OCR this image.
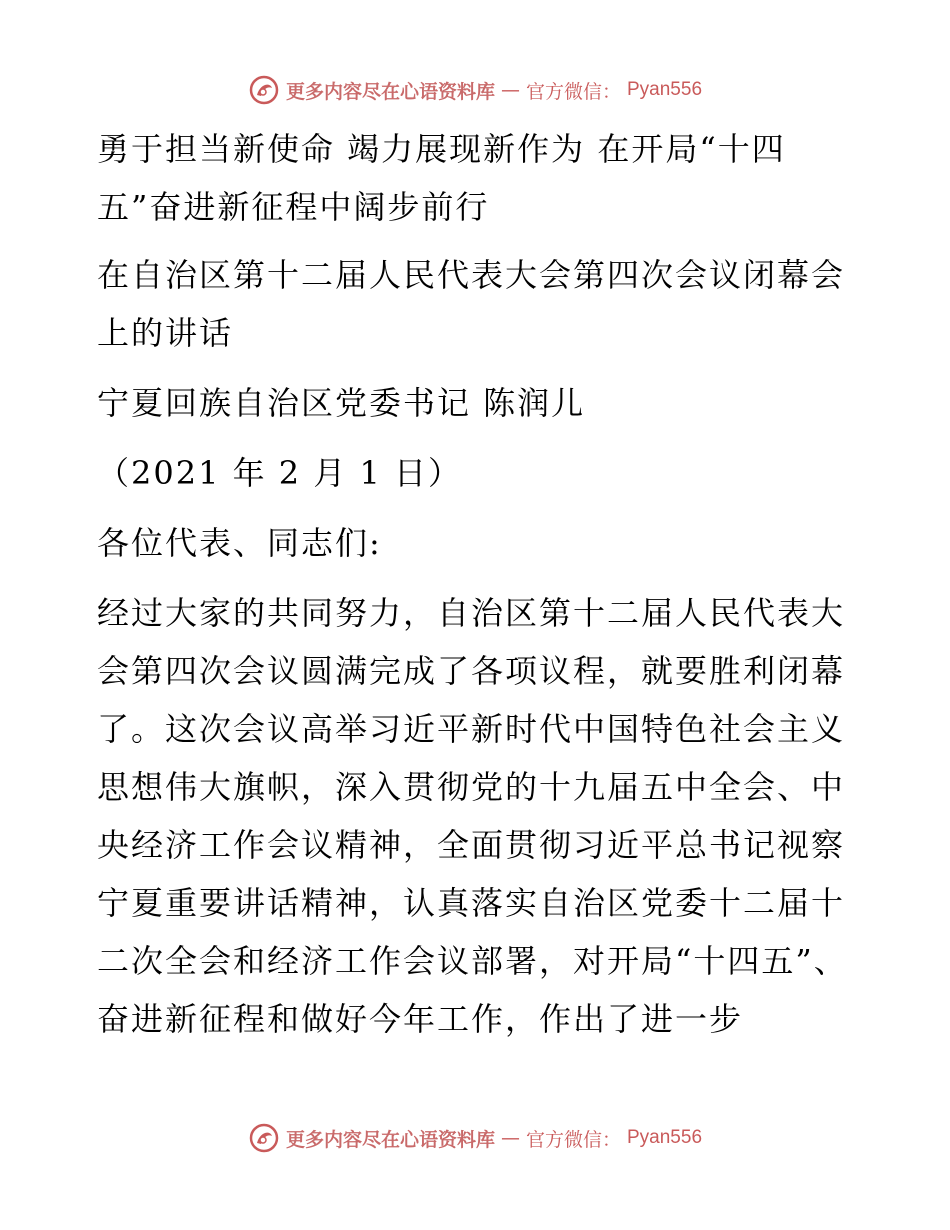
更多内容尽在心语资料库 — 官方微信： Pyan556

勇于担当新使命 竭力展现新作为 在开局“十四五”奋进新征程中阔步前行

在自治区第十二届人民代表大会第四次会议闭幕会上的讲话

宁夏回族自治区党委书记 陈润儿

（2021 年 2 月 1 日）

各位代表、同志们:

经过大家的共同努力，自治区第十二届人民代表大会第四次会议圆满完成了各项议程，就要胜利闭幕了。这次会议高举习近平新时代中国特色社会主义思想伟大旗帜，深入贯彻党的十九届五中全会、中央经济工作会议精神，全面贯彻习近平总书记视察宁夏重要讲话精神，认真落实自治区党委十二届十二次全会和经济工作会议部署，对开局“十四五”、奋进新征程和做好今年工作，作出了进一步

更多内容尽在心语资料库 — 官方微信： Pyan556
